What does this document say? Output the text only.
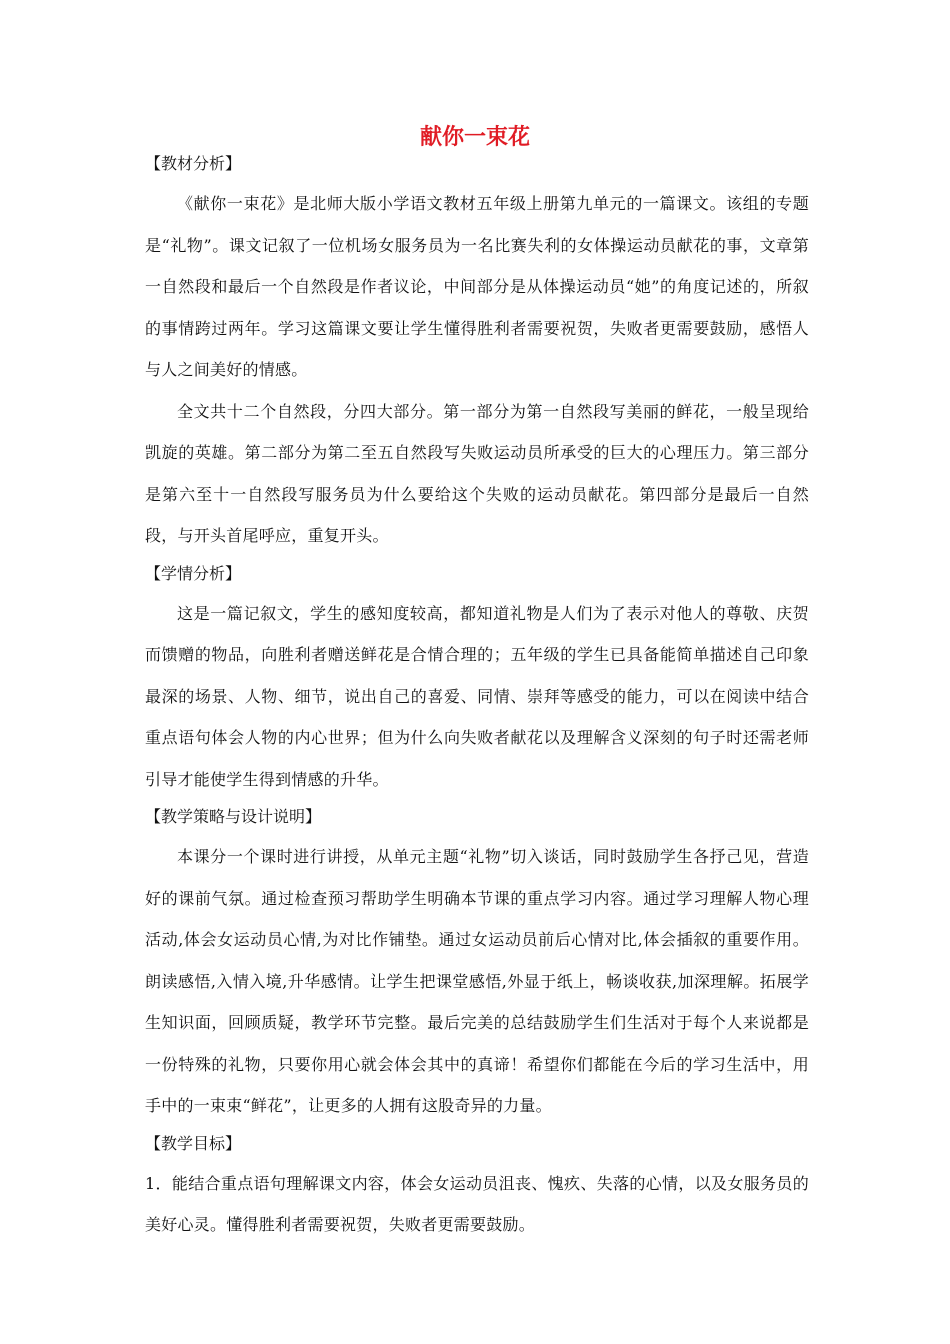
献你一束花
【教材分析】

《献你一束花》是北师大版小学语文教材五年级上册第九单元的一篇课文。该组的专题是“礼物”。课文记叙了一位机场女服务员为一名比赛失利的女体操运动员献花的事，文章第一自然段和最后一个自然段是作者议论，中间部分是从体操运动员“她”的角度记述的，所叙的事情跨过两年。学习这篇课文要让学生懂得胜利者需要祝贺，失败者更需要鼓励，感悟人与人之间美好的情感。

全文共十二个自然段，分四大部分。第一部分为第一自然段写美丽的鲜花，一般呈现给凯旋的英雄。第二部分为第二至五自然段写失败运动员所承受的巨大的心理压力。第三部分是第六至十一自然段写服务员为什么要给这个失败的运动员献花。第四部分是最后一自然段，与开头首尾呼应，重复开头。

【学情分析】

这是一篇记叙文，学生的感知度较高，都知道礼物是人们为了表示对他人的尊敬、庆贺而馈赠的物品，向胜利者赠送鲜花是合情合理的；五年级的学生已具备能简单描述自己印象最深的场景、人物、细节，说出自己的喜爱、同情、崇拜等感受的能力，可以在阅读中结合重点语句体会人物的内心世界；但为什么向失败者献花以及理解含义深刻的句子时还需老师引导才能使学生得到情感的升华。

【教学策略与设计说明】

本课分一个课时进行讲授，从单元主题“礼物”切入谈话，同时鼓励学生各抒己见，营造好的课前气氛。通过检查预习帮助学生明确本节课的重点学习内容。通过学习理解人物心理活动,体会女运动员心情,为对比作铺垫。通过女运动员前后心情对比,体会插叙的重要作用。朗读感悟,入情入境,升华感情。让学生把课堂感悟,外显于纸上，畅谈收获,加深理解。拓展学生知识面，回顾质疑，教学环节完整。最后完美的总结鼓励学生们生活对于每个人来说都是一份特殊的礼物，只要你用心就会体会其中的真谛！希望你们都能在今后的学习生活中，用手中的一束束“鲜花”，让更多的人拥有这股奇异的力量。

【教学目标】

1．能结合重点语句理解课文内容，体会女运动员沮丧、愧疚、失落的心情，以及女服务员的美好心灵。懂得胜利者需要祝贺，失败者更需要鼓励。
